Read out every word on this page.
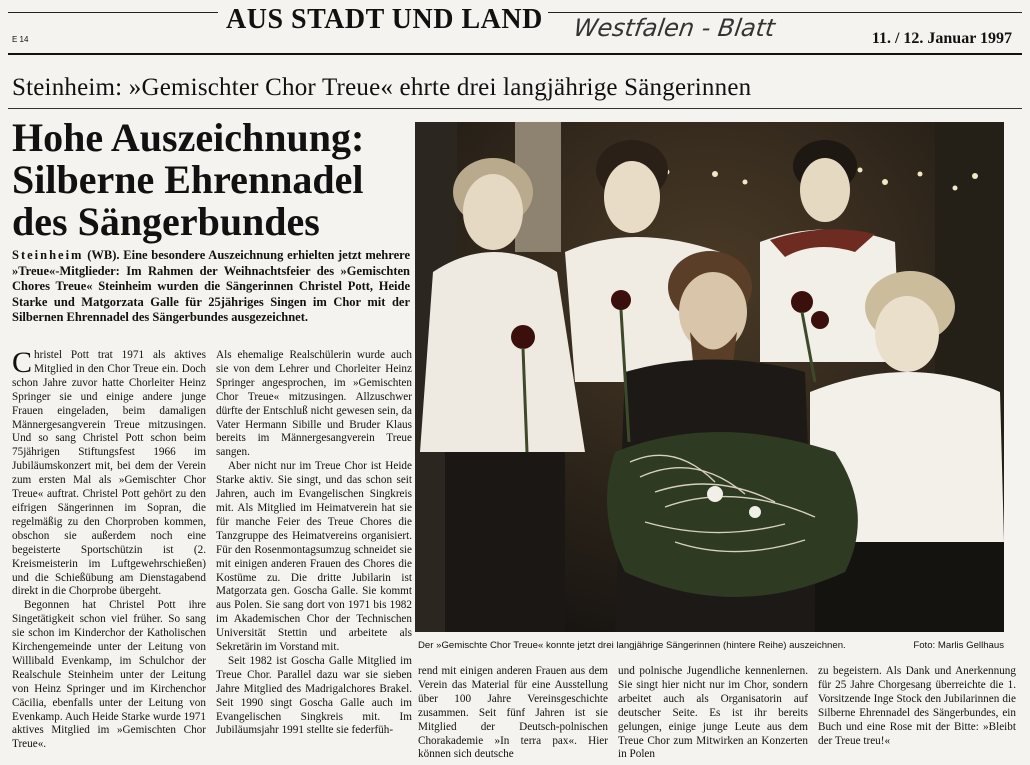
E 14
AUS STADT UND LAND Westfalen - Blatt	11. / 12. Januar 1997
Steinheim: »Gemischter Chor Treue« ehrte drei langjährige Sängerinnen
Hohe Auszeichnung:
Silberne Ehrennadel
des Sängerbundes
Steinheim (WB). Eine besondere Auszeichnung erhielten jetzt mehrere »Treue«-Mitglieder: Im Rahmen der Weihnachtsfeier des »Gemischten Chores Treue« Steinheim wurden die Sängerinnen Christel Pott, Heide Starke und Matgorzata Galle für 25jähriges Singen im Chor mit der Silbernen Ehrennadel des Sängerbundes ausgezeichnet.

Christel Pott trat 1971 als aktives Mitglied in den Chor Treue ein. Doch schon Jahre zuvor hatte Chorleiter Heinz Springer sie und einige andere junge Frauen eingeladen, beim damaligen Männergesangverein Treue mitzusingen. Und so sang Christel Pott schon beim 75jährigen Stiftungsfest 1966 im Jubiläumskonzert mit, bei dem der Verein zum ersten Mal als »Gemischter Chor Treue« auftrat. Christel Pott gehört zu den eifrigen Sängerinnen im Sopran, die regelmäßig zu den Chorproben kommen, obschon sie außerdem noch eine begeisterte Sportschützin ist (2. Kreismeisterin im Luftgewehrschießen) und die Schießübung am Dienstagabend direkt in die Chorprobe übergeht.

Begonnen hat Christel Pott ihre Singetätigkeit schon viel früher. So sang sie schon im Kinderchor der Katholischen Kirchengemeinde unter der Leitung von Willibald Evenkamp, im Schulchor der Realschule Steinheim unter der Leitung von Heinz Springer und im Kirchenchor Cäcilia, ebenfalls unter der Leitung von Evenkamp. Auch Heide Starke wurde 1971 aktives Mitglied im »Gemischten Chor Treue«.

Als ehemalige Realschülerin wurde auch sie von dem Lehrer und Chorleiter Heinz Springer angesprochen, im »Gemischten Chor Treue« mitzusingen. Allzuschwer dürfte der Entschluß nicht gewesen sein, da Vater Hermann Sibille und Bruder Klaus bereits im Männergesangverein Treue sangen.

Aber nicht nur im Treue Chor ist Heide Starke aktiv. Sie singt, und das schon seit Jahren, auch im Evangelischen Singkreis mit. Als Mitglied im Heimatverein hat sie für manche Feier des Treue Chores die Tanzgruppe des Heimatvereins organisiert. Für den Rosenmontagsumzug schneidet sie mit einigen anderen Frauen des Chores die Kostüme zu. Die dritte Jubilarin ist Matgorzata gen. Goscha Galle. Sie kommt aus Polen. Sie sang dort von 1971 bis 1982 im Akademischen Chor der Technischen Universität Stettin und arbeitete als Sekretärin im Vorstand mit.

Seit 1982 ist Goscha Galle Mitglied im Treue Chor. Parallel dazu war sie sieben Jahre Mitglied des Madrigalchores Brakel. Seit 1990 singt Goscha Galle auch im Evangelischen Singkreis mit. Im Jubiläumsjahr 1991 stellte sie federfüh-

Der »Gemischte Chor Treue« konnte jetzt drei langjährige Sängerinnen (hintere Reihe) auszeichnen.	Foto: Marlis Gellhaus

rend mit einigen anderen Frauen aus dem Verein das Material für eine Ausstellung über 100 Jahre Vereinsgeschichte zusammen. Seit fünf Jahren ist sie Mitglied der Deutsch-polnischen Chorakademie »In terra pax«. Hier können sich deutsche

und polnische Jugendliche kennenlernen. Sie singt hier nicht nur im Chor, sondern arbeitet auch als Organisatorin auf deutscher Seite. Es ist ihr bereits gelungen, einige junge Leute aus dem Treue Chor zum Mitwirken an Konzerten in Polen

zu begeistern. Als Dank und Anerkennung für 25 Jahre Chorgesang überreichte die 1. Vorsitzende Inge Stock den Jubilarinnen die Silberne Ehrennadel des Sängerbundes, ein Buch und eine Rose mit der Bitte: »Bleibt der Treue treu!«
